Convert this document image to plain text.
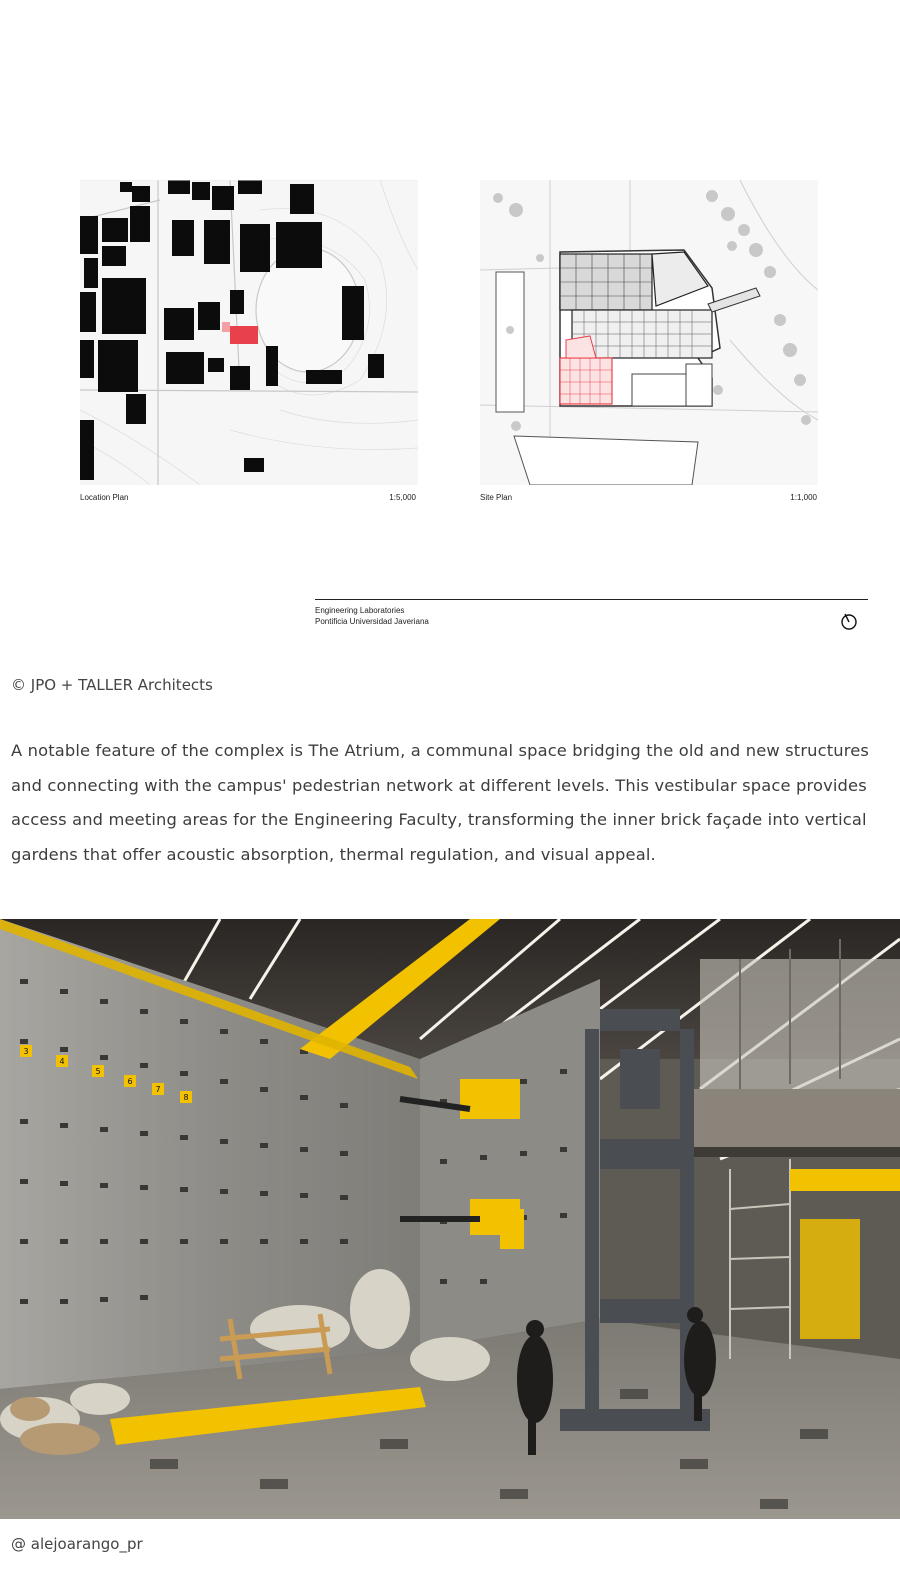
Location Plan	1:5,000	Site Plan	1:1,000
Engineering Laboratories
Pontificia Universidad Javeriana
© JPO + TALLER Architects

A notable feature of the complex is The Atrium, a communal space bridging the old and new structures and connecting with the campus' pedestrian network at different levels. This vestibular space provides access and meeting areas for the Engineering Faculty, transforming the inner brick façade into vertical gardens that offer acoustic absorption, thermal regulation, and visual appeal.

3
4
5
6
7
8
@ alejoarango_pr
